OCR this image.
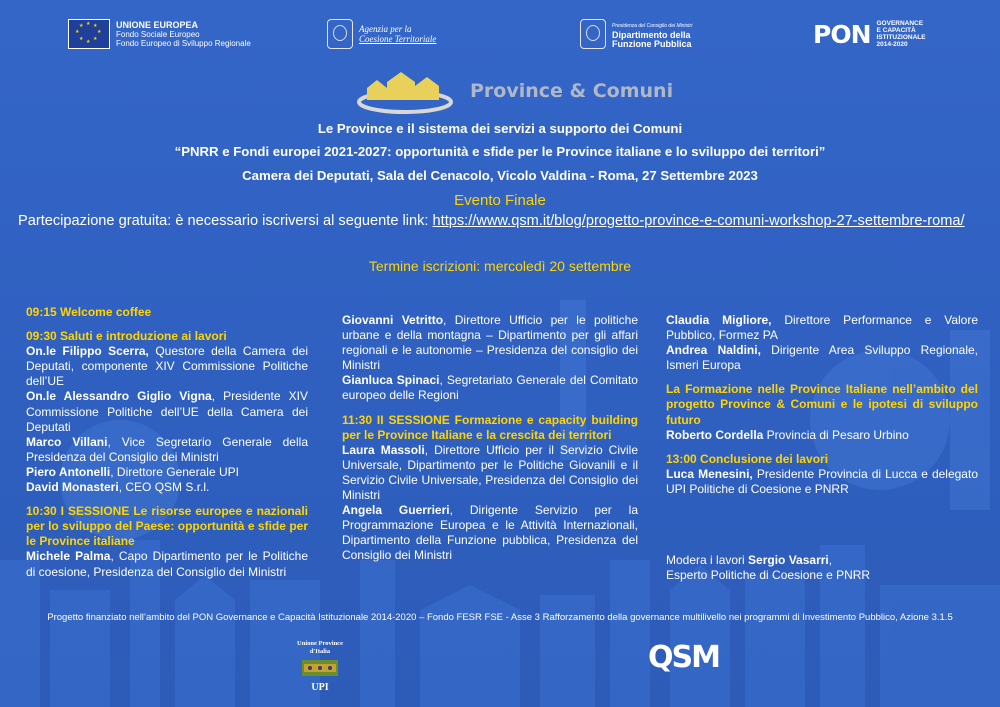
★ ★
★
★
★
★
★
★	UNIONE EUROPEA
Fondo Sociale Europeo
Fondo Europeo di Sviluppo Regionale
Agenzia per la
Coesione Territoriale
Presidenza del Consiglio dei Ministri
Dipartimento della
Funzione Pubblica	PON GOVERNANCE
E CAPACITÀ
ISTITUZIONALE
2014-2020
Province & Comuni
Le Province e il sistema dei servizi a supporto dei Comuni
“PNRR e Fondi europei 2021-2027: opportunità e sfide per le Province italiane e lo sviluppo dei territori”
Camera dei Deputati, Sala del Cenacolo, Vicolo Valdina - Roma, 27 Settembre 2023
Evento Finale
Partecipazione gratuita: è necessario iscriversi al seguente link: https://www.qsm.it/blog/progetto-province-e-comuni-workshop-27-settembre-roma/
Termine iscrizioni: mercoledì 20 settembre

09:15 Welcome coffee

09:30 Saluti e introduzione ai lavori

On.le Filippo Scerra, Questore della Camera dei Deputati, componente XIV Commissione Politiche dell’UE

On.le Alessandro Giglio Vigna, Presidente XIV Commissione Politiche dell’UE della Camera dei Deputati

Marco Villani, Vice Segretario Generale della Presidenza del Consiglio dei Ministri

Piero Antonelli, Direttore Generale UPI

David Monasteri, CEO QSM S.r.l.

10:30 I SESSIONE Le risorse europee e nazionali per lo sviluppo del Paese: opportunità e sfide per le Province italiane

Michele Palma, Capo Dipartimento per le Politiche di coesione, Presidenza del Consiglio dei Ministri

Giovanni Vetritto, Direttore Ufficio per le politiche urbane e della montagna – Dipartimento per gli affari regionali e le autonomie – Presidenza del consiglio dei Ministri

Gianluca Spinaci, Segretariato Generale del Comitato europeo delle Regioni

11:30 II SESSIONE Formazione e capacity building per le Province Italiane e la crescita dei territori

Laura Massoli, Direttore Ufficio per il Servizio Civile Universale, Dipartimento per le Politiche Giovanili e il Servizio Civile Universale, Presidenza del Consiglio dei Ministri

Angela Guerrieri, Dirigente Servizio per la Programmazione Europea e le Attività Internazionali, Dipartimento della Funzione pubblica, Presidenza del Consiglio dei Ministri

Claudia Migliore, Direttore Performance e Valore Pubblico, Formez PA

Andrea Naldini, Dirigente Area Sviluppo Regionale, Ismeri Europa

La Formazione nelle Province Italiane nell’ambito del progetto Province & Comuni e le ipotesi di sviluppo futuro

Roberto Cordella Provincia di Pesaro Urbino

13:00 Conclusione dei lavori

Luca Menesini, Presidente Provincia di Lucca e delegato UPI Politiche di Coesione e PNRR

Modera i lavori Sergio Vasarri,

Esperto Politiche di Coesione e PNRR

Progetto finanziato nell’ambito del PON Governance e Capacità Istituzionale 2014-2020 – Fondo FESR FSE - Asse 3 Rafforzamento della governance multilivello nei programmi di Investimento Pubblico, Azione 3.1.5
Unione Province d'Italia
UPI
QSM
